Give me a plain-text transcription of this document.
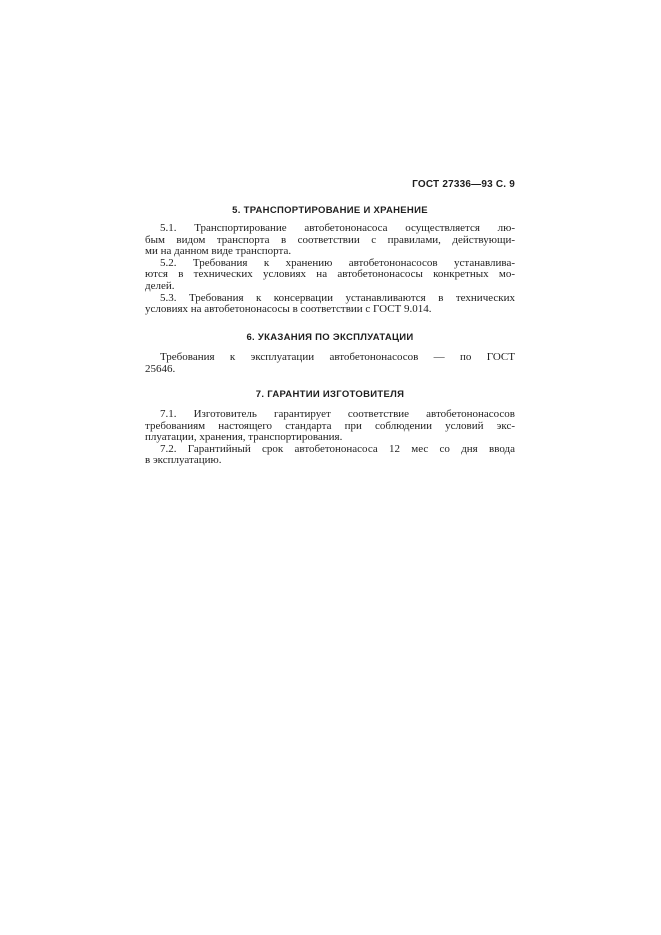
ГОСТ 27336—93 С. 9
5. ТРАНСПОРТИРОВАНИЕ И ХРАНЕНИЕ
5.1. Транспортирование автобетононасоса осуществляется лю-
бым видом транспорта в соответствии с правилами, действующи-
ми на данном виде транспорта.
5.2. Требования к хранению автобетононасосов устанавлива-
ются в технических условиях на автобетононасосы конкретных мо-
делей.
5.3. Требования к консервации устанавливаются в технических
условиях на автобетононасосы в соответствии с ГОСТ 9.014.
6. УКАЗАНИЯ ПО ЭКСПЛУАТАЦИИ
Требования к эксплуатации автобетононасосов — по ГОСТ
25646.
7. ГАРАНТИИ ИЗГОТОВИТЕЛЯ
7.1. Изготовитель гарантирует соответствие автобетононасосов
требованиям настоящего стандарта при соблюдении условий экс-
плуатации, хранения, транспортирования.
7.2. Гарантийный срок автобетононасоса 12 мес со дня ввода
в эксплуатацию.
